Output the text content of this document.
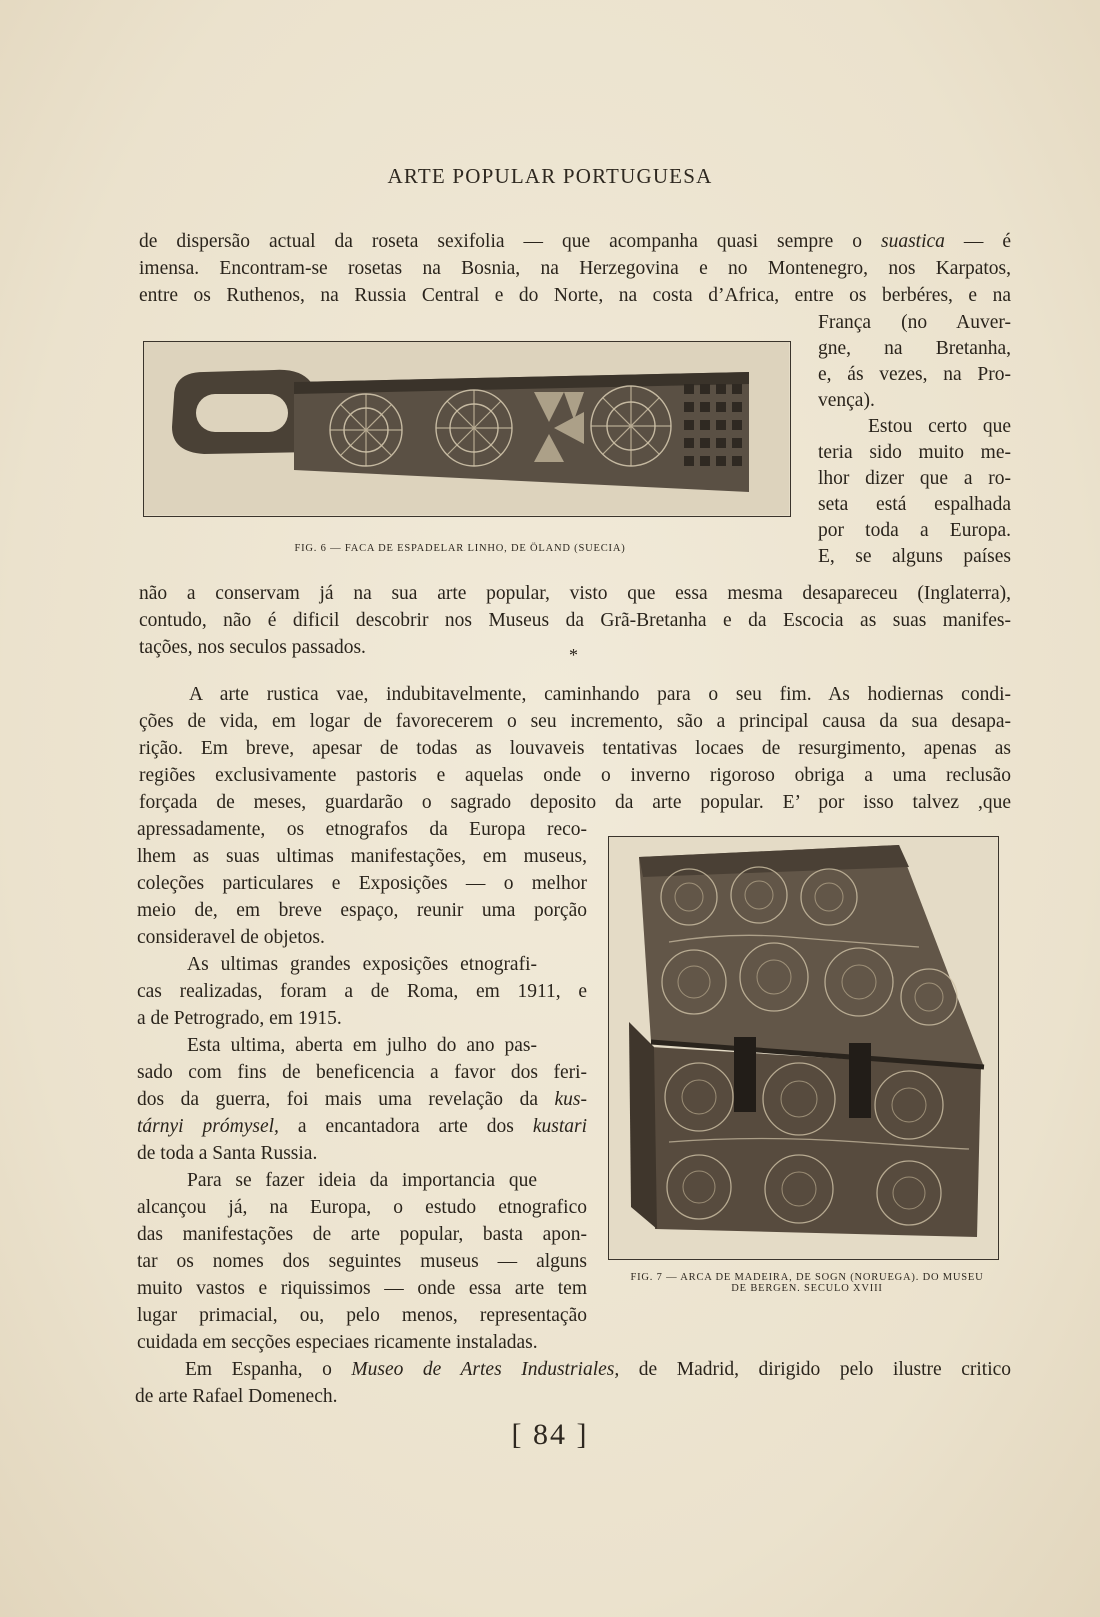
ARTE POPULAR PORTUGUESA
de dispersão actual da roseta sexifolia — que acompanha quasi sempre o suastica — é
imensa. Encontram-se rosetas na Bosnia, na Herzegovina e no Montenegro, nos Karpatos,
entre os Ruthenos, na Russia Central e do Norte, na costa d’Africa, entre os berbéres, e na
França (no Auver-
gne, na Bretanha,
e, ás vezes, na Pro-
vença).
Estou certo que
teria sido muito me-
lhor dizer que a ro-
seta está espalhada
por toda a Europa.
E, se alguns países
FIG. 6 — FACA DE ESPADELAR LINHO, DE ÖLAND (SUECIA)
não a conservam já na sua arte popular, visto que essa mesma desapareceu (Inglaterra),
contudo, não é dificil descobrir nos Museus da Grã-Bretanha e da Escocia as suas manifes-
tações, nos seculos passados.	*
A arte rustica vae, indubitavelmente, caminhando para o seu fim. As hodiernas condi-
ções de vida, em logar de favorecerem o seu incremento, são a principal causa da sua desapa-
rição. Em breve, apesar de todas as louvaveis tentativas locaes de resurgimento, apenas as
regiões exclusivamente pastoris e aquelas onde o inverno rigoroso obriga a uma reclusão
forçada de meses, guardarão o sagrado deposito da arte popular. E’ por isso talvez ,que
apressadamente, os etnografos da Europa reco-
lhem as suas ultimas manifestações, em museus,
coleções particulares e Exposições — o melhor
meio de, em breve espaço, reunir uma porção
consideravel de objetos.
As ultimas grandes exposições etnografi-
cas realizadas, foram a de Roma, em 1911, e
a de Petrogrado, em 1915.
Esta ultima, aberta em julho do ano pas-
sado com fins de beneficencia a favor dos feri-
dos da guerra, foi mais uma revelação da kus-
tárnyi prómysel, a encantadora arte dos kustari
de toda a Santa Russia.
Para se fazer ideia da importancia que
alcançou já, na Europa, o estudo etnografico
das manifestações de arte popular, basta apon-
tar os nomes dos seguintes museus — alguns
muito vastos e riquissimos — onde essa arte tem
lugar primacial, ou, pelo menos, representação
cuidada em secções especiaes ricamente instaladas.
FIG. 7 — ARCA DE MADEIRA, DE SOGN (NORUEGA). DO MUSEU
DE BERGEN. SECULO XVIII
Em Espanha, o Museo de Artes Industriales, de Madrid, dirigido pelo ilustre critico
de arte Rafael Domenech.
[ 84 ]
